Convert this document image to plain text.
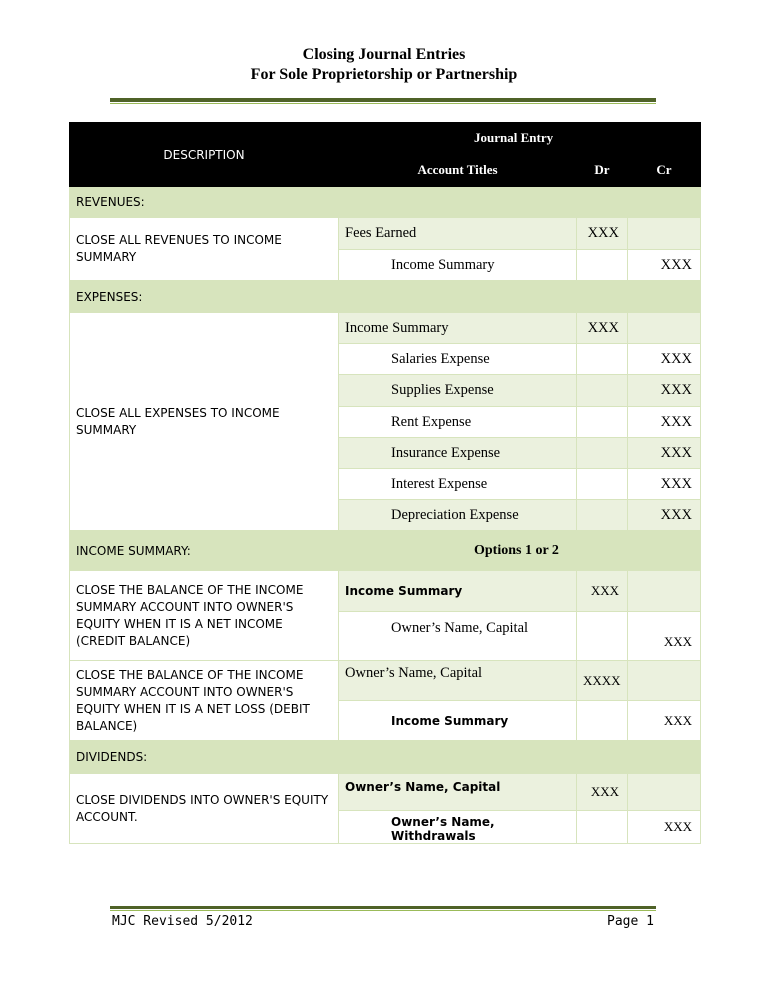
Closing Journal Entries
For Sole Proprietorship or Partnership
DESCRIPTION	Journal Entry		
	Account Titles	Dr	Cr
REVENUES:			
CLOSE ALL REVENUES TO INCOME SUMMARY	Fees Earned	XXX	
	Income Summary		XXX
EXPENSES:			
CLOSE ALL EXPENSES TO INCOME SUMMARY	Income Summary	XXX	
	Salaries Expense		XXX
	Supplies Expense		XXX
	Rent Expense		XXX
	Insurance Expense		XXX
	Interest Expense		XXX
	Depreciation Expense		XXX
INCOME SUMMARY:	Options 1 or 2		
CLOSE THE BALANCE OF THE INCOME SUMMARY ACCOUNT INTO OWNER'S EQUITY WHEN IT IS A NET INCOME (CREDIT BALANCE)	Income Summary	XXX	
	Owner’s Name, Capital		XXX
CLOSE THE BALANCE OF THE INCOME SUMMARY ACCOUNT INTO OWNER'S EQUITY WHEN IT IS A NET LOSS (DEBIT BALANCE)	Owner’s Name, Capital	XXXX	
	Income Summary		XXX
DIVIDENDS:			
CLOSE DIVIDENDS INTO OWNER'S EQUITY ACCOUNT.	Owner’s Name, Capital	XXX	
	Owner’s Name, Withdrawals		XXX
MJC Revised 5/2012	Page 1
